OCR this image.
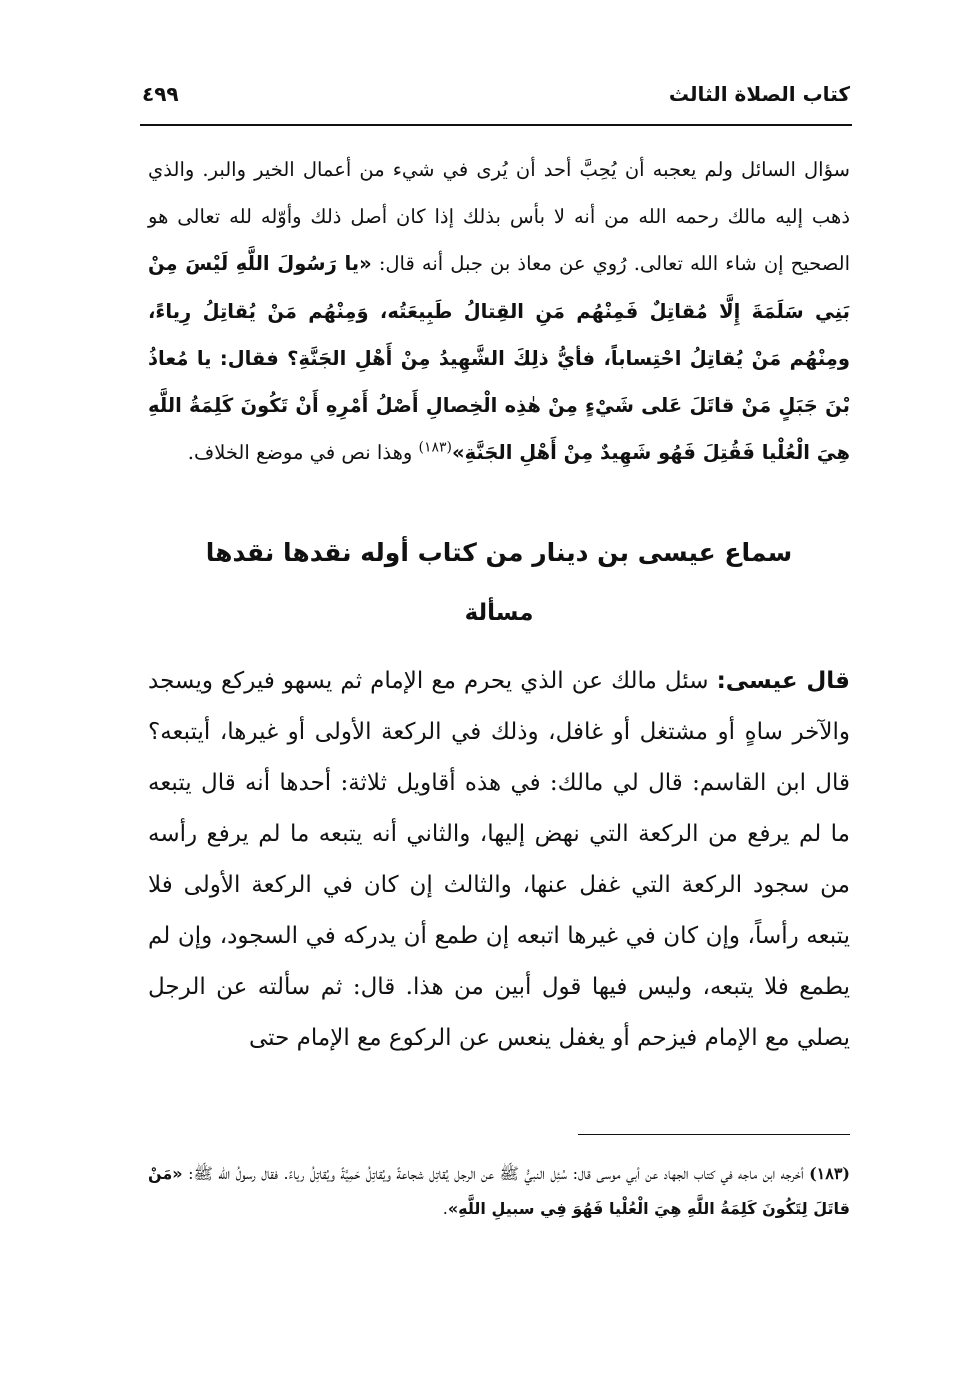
كتاب الصلاة الثالث
٤٩٩

سؤال السائل ولم يعجبه أن يُحِبَّ أحد أن يُرى في شيء من أعمال الخير والبر. والذي ذهب إليه مالك رحمه الله من أنه لا بأس بذلك إذا كان أصل ذلك وأوّله لله تعالى هو الصحيح إن شاء الله تعالى. رُوي عن معاذ بن جبل أنه قال: «يا رَسُولَ اللَّهِ لَيْسَ مِنْ بَنِي سَلَمَةَ إِلَّا مُقاتِلٌ فَمِنْهُم مَنِ القِتالُ طَبِيعَتُه، وَمِنْهُم مَنْ يُقاتِلُ رِياءً، ومِنْهُم مَنْ يُقاتِلُ احْتِساباً، فأيُّ ذلِكَ الشَّهِيدُ مِنْ أَهْلِ الجَنَّةِ؟ فقال: يا مُعاذُ بْنَ جَبَلٍ مَنْ قاتَلَ عَلى شَيْءٍ مِنْ هٰذِه الْخِصالِ أَصْلُ أَمْرِهِ أَنْ تَكُونَ كَلِمَةُ اللَّهِ هِيَ الْعُلْيا فَقُتِلَ فَهُو شَهِيدٌ مِنْ أَهْلِ الجَنَّةِ»$^{(١٨٣)}$ وهذا نص في موضع الخلاف.

سماع عيسى بن دينار من كتاب أوله نقدها نقدها
مسألة

قال عيسى: سئل مالك عن الذي يحرم مع الإمام ثم يسهو فيركع ويسجد والآخر ساهٍ أو مشتغل أو غافل، وذلك في الركعة الأولى أو غيرها، أيتبعه؟ قال ابن القاسم: قال لي مالك: في هذه أقاويل ثلاثة: أحدها أنه قال يتبعه ما لم يرفع من الركعة التي نهض إليها، والثاني أنه يتبعه ما لم يرفع رأسه من سجود الركعة التي غفل عنها، والثالث إن كان في الركعة الأولى فلا يتبعه رأساً، وإن كان في غيرها اتبعه إن طمع أن يدركه في السجود، وإن لم يطمع فلا يتبعه، وليس فيها قول أبين من هذا. قال: ثم سألته عن الرجل يصلي مع الإمام فيزحم أو يغفل ينعس عن الركوع مع الإمام حتى

(١٨٣) أخرجه ابن ماجه في كتاب الجهاد عن أبي موسى قال: سُئِل النبيُّ ﷺ عن الرجل يُقاتِل شجاعةً ويُقاتِلُ حَمِيَّةً ويُقاتِلُ رياءً. فقال رسولُ الله ﷺ: «مَنْ قاتَلَ لِتَكُونَ كَلِمَةُ اللَّهِ هِيَ الْعُلْيا فَهُوَ فِي سبيلِ اللَّهِ».
